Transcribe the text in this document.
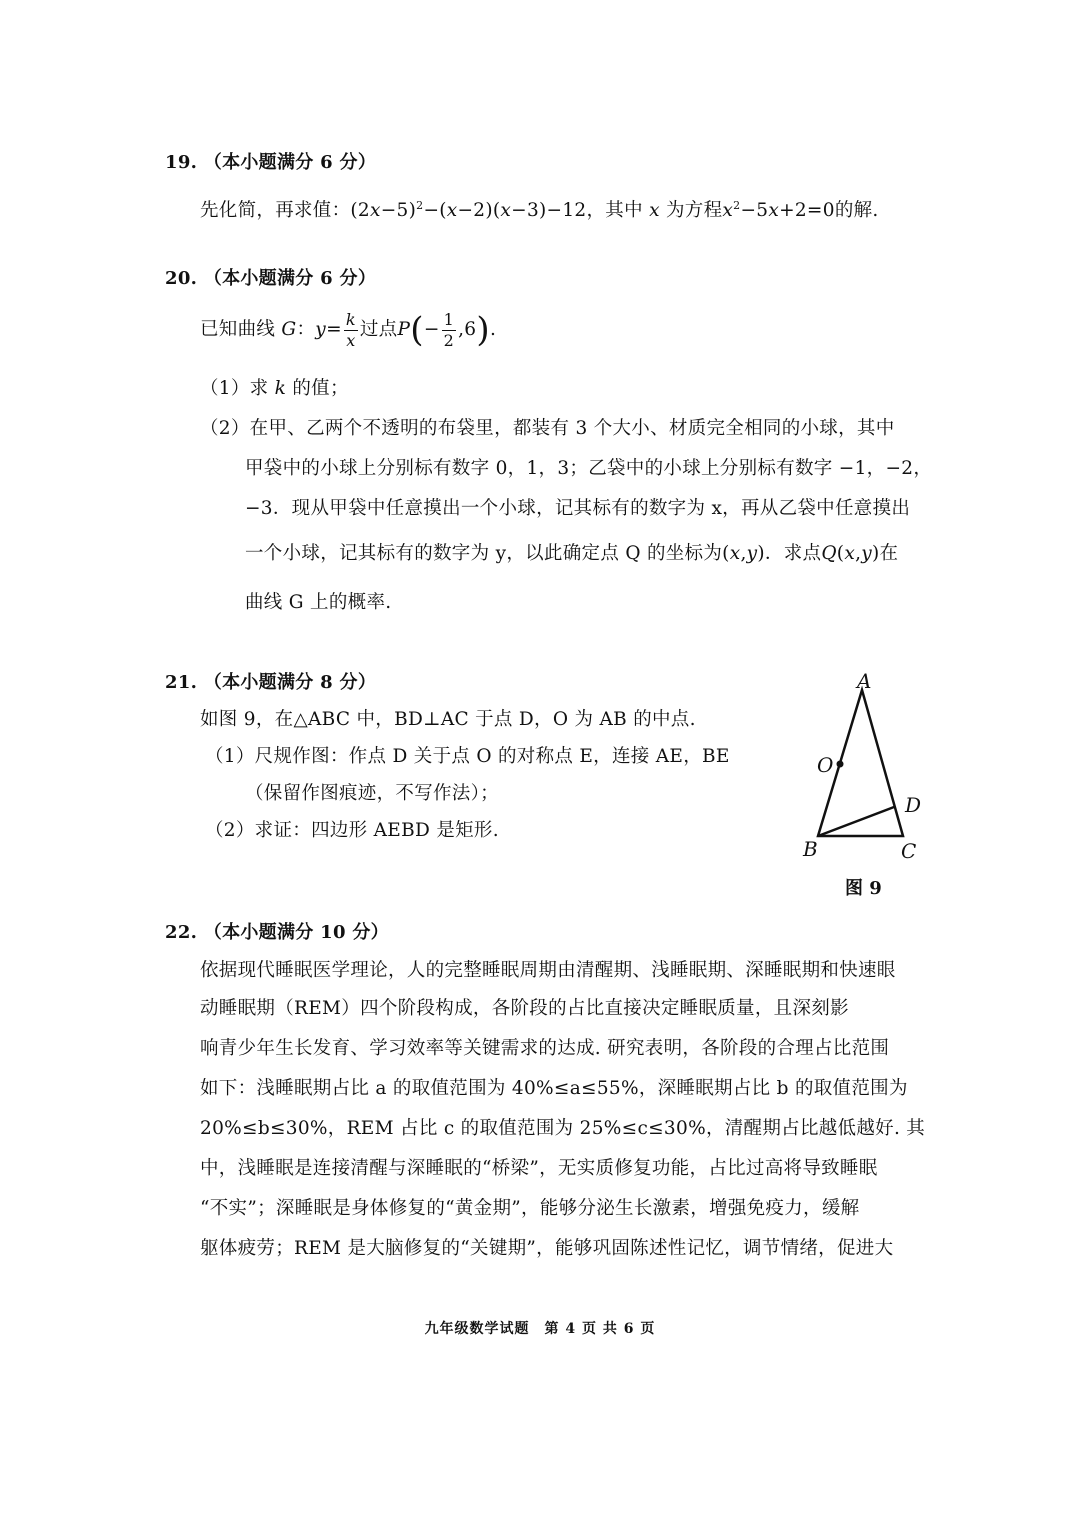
19. （本小题满分 6 分）
先化简，再求值：$(2x-5)^2-(x-2)(x-3)-12$，其中 x 为方程$x^2-5x+2=0$的解.
20. （本小题满分 6 分）
已知曲线 G：$y= \frac{k}{x}$ 过点$P(- \frac{1}{2} ,6)$.
（1）求 k 的值；
（2）在甲、乙两个不透明的布袋里，都装有 3 个大小、材质完全相同的小球，其中
甲袋中的小球上分别标有数字 0，1，3；乙袋中的小球上分别标有数字 −1，−2，
−3．现从甲袋中任意摸出一个小球，记其标有的数字为 x，再从乙袋中任意摸出
一个小球，记其标有的数字为 y，以此确定点 Q 的坐标为(x,y)．求点Q(x,y)在
曲线 G 上的概率.
21. （本小题满分 8 分）
如图 9，在△ABC 中，BD⊥AC 于点 D，O 为 AB 的中点.
（1）尺规作图：作点 D 关于点 O 的对称点 E，连接 AE，BE
（保留作图痕迹，不写作法）；
（2）求证：四边形 AEBD 是矩形.
A
O
D
B	C
图 9
22. （本小题满分 10 分）
依据现代睡眠医学理论，人的完整睡眠周期由清醒期、浅睡眠期、深睡眠期和快速眼
动睡眠期（REM）四个阶段构成，各阶段的占比直接决定睡眠质量，且深刻影
响青少年生长发育、学习效率等关键需求的达成. 研究表明，各阶段的合理占比范围
如下：浅睡眠期占比 a 的取值范围为 40%≤a≤55%，深睡眠期占比 b 的取值范围为
20%≤b≤30%，REM 占比 c 的取值范围为 25%≤c≤30%，清醒期占比越低越好. 其
中，浅睡眠是连接清醒与深睡眠的“桥梁”，无实质修复功能，占比过高将导致睡眠
“不实”；深睡眠是身体修复的“黄金期”，能够分泌生长激素，增强免疫力，缓解
躯体疲劳；REM 是大脑修复的“关键期”，能够巩固陈述性记忆，调节情绪，促进大
九年级数学试题　第 4 页 共 6 页
